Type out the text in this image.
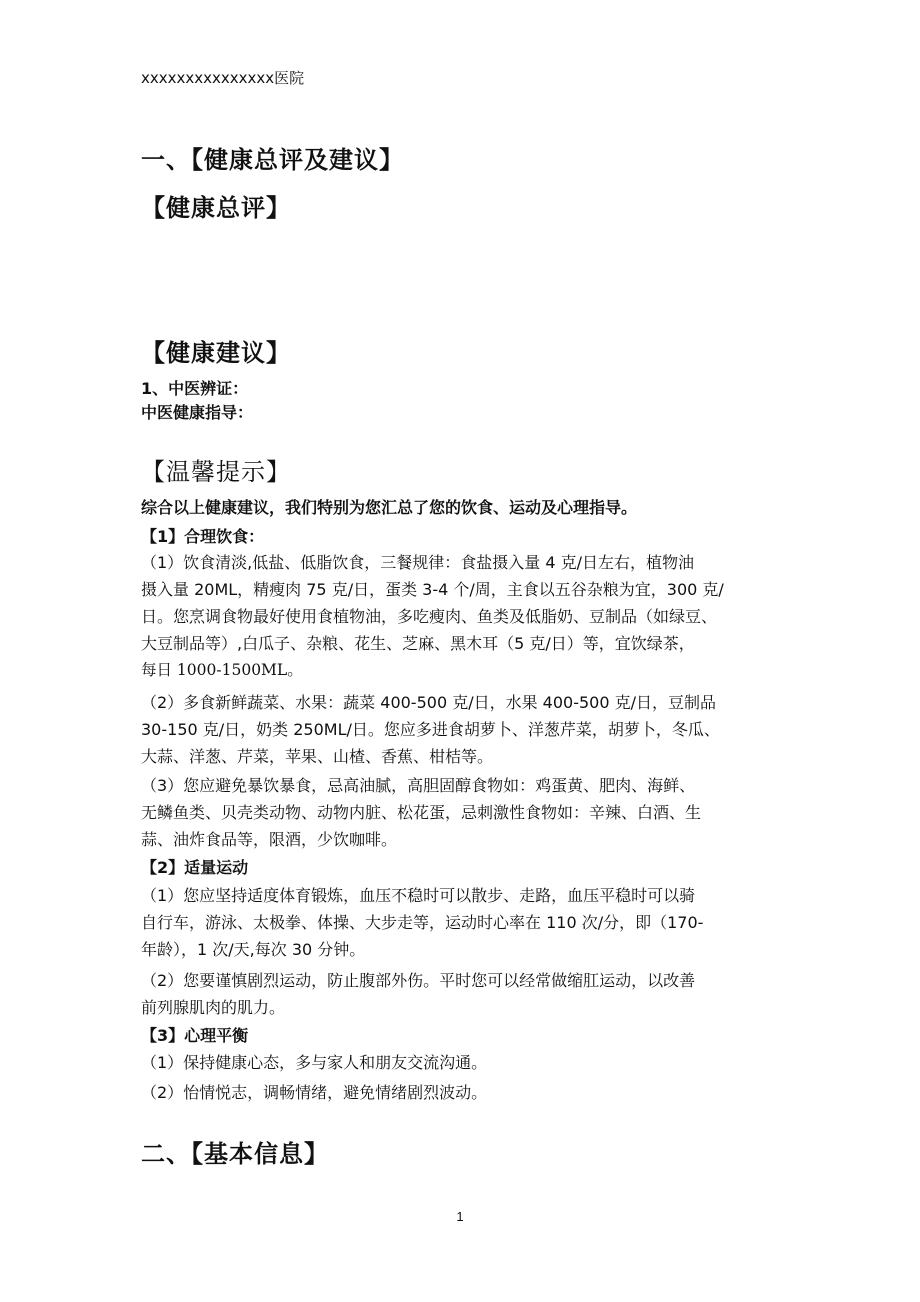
xxxxxxxxxxxxxxx医院
一、【健康总评及建议】
【健康总评】
【健康建议】
1、中医辨证：
中医健康指导：
【温馨提示】
综合以上健康建议，我们特别为您汇总了您的饮食、运动及心理指导。
【1】合理饮食：
（1）饮食清淡,低盐、低脂饮食，三餐规律：食盐摄入量 4 克/日左右，植物油
摄入量 20ML，精瘦肉 75 克/日，蛋类 3-4 个/周，主食以五谷杂粮为宜，300 克/
日。您烹调食物最好使用食植物油，多吃瘦肉、鱼类及低脂奶、豆制品（如绿豆、
大豆制品等）,白瓜子、杂粮、花生、芝麻、黑木耳（5 克/日）等，宜饮绿茶，
每日 1000-1500ML。
（2）多食新鲜蔬菜、水果：蔬菜 400-500 克/日，水果 400-500 克/日，豆制品
30-150 克/日，奶类 250ML/日。您应多进食胡萝卜、洋葱芹菜，胡萝卜，冬瓜、
大蒜、洋葱、芹菜，苹果、山楂、香蕉、柑桔等。
（3）您应避免暴饮暴食，忌高油腻，高胆固醇食物如：鸡蛋黄、肥肉、海鲜、
无鳞鱼类、贝壳类动物、动物内脏、松花蛋，忌刺激性食物如：辛辣、白酒、生
蒜、油炸食品等，限酒，少饮咖啡。
【2】适量运动
（1）您应坚持适度体育锻炼，血压不稳时可以散步、走路，血压平稳时可以骑
自行车，游泳、太极拳、体操、大步走等，运动时心率在 110 次/分，即（170-
年龄），1 次/天,每次 30 分钟。
（2）您要谨慎剧烈运动，防止腹部外伤。平时您可以经常做缩肛运动，以改善
前列腺肌肉的肌力。
【3】心理平衡
（1）保持健康心态，多与家人和朋友交流沟通。
（2）怡情悦志，调畅情绪，避免情绪剧烈波动。
二、【基本信息】
1
